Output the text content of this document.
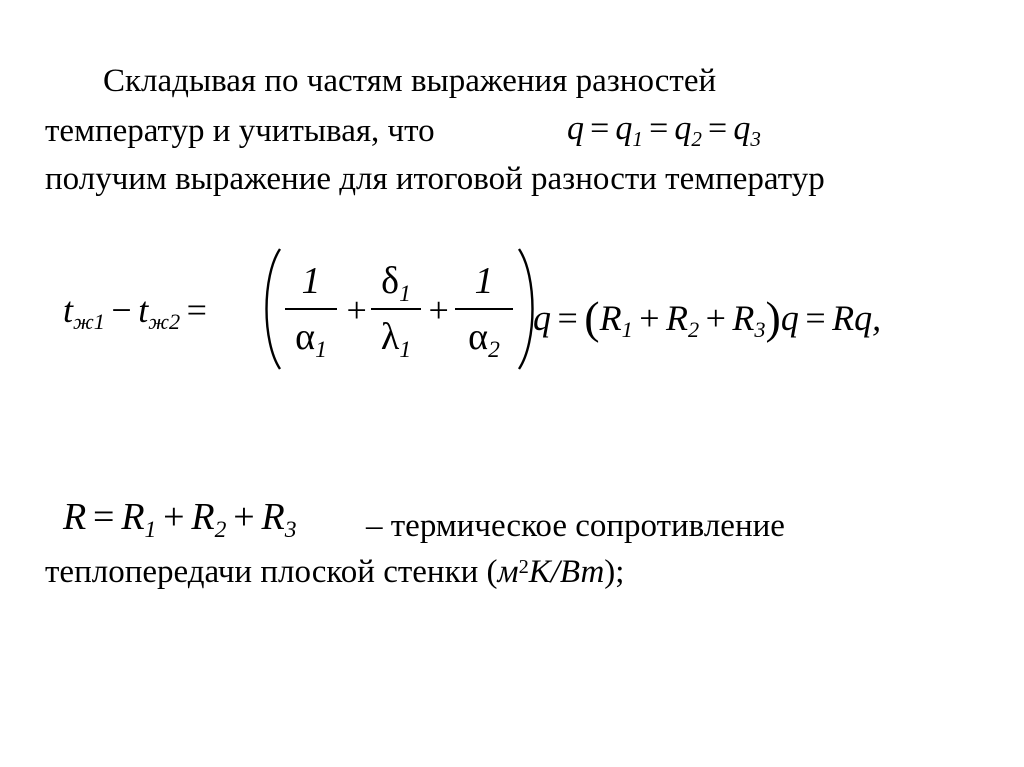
Складывая по частям выражения разностей
температур и учитывая, что
получим выражение для итоговой разности температур
q = q1 = q2 = q3
tж1 − tж2 =
1
α1
+
δ1
λ1
+
1
α2
q = (R1 + R2 + R3)q = Rq,
R = R1 + R2 + R3 – термическое сопротивление
теплопередачи плоской стенки $(м^2К/Вт)$;
